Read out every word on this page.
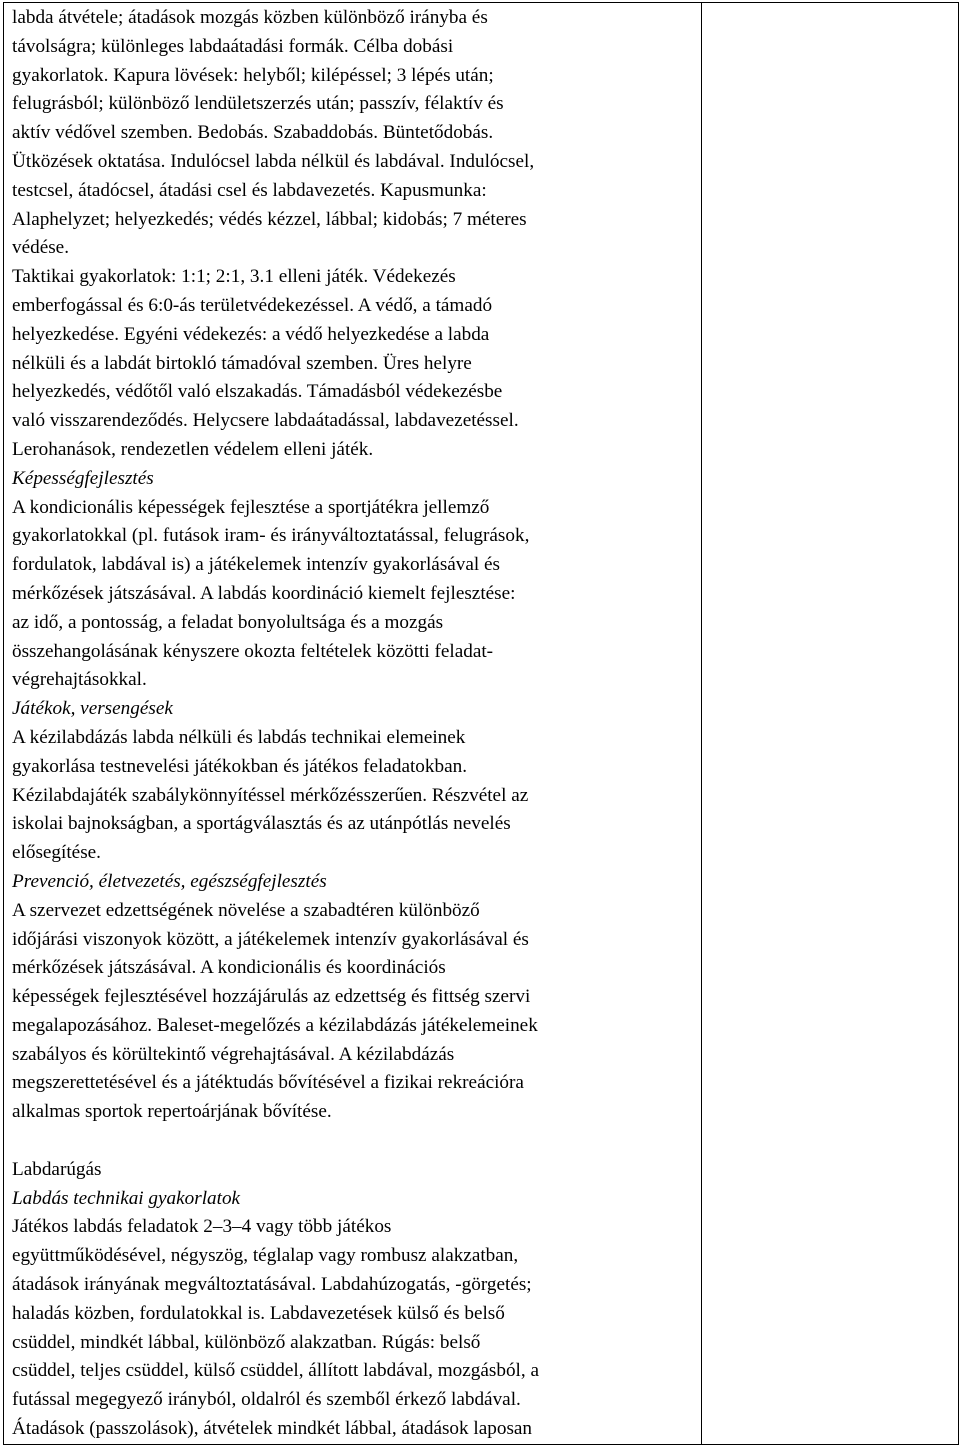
labda átvétele; átadások mozgás közben különböző irányba és
távolságra; különleges labdaátadási formák. Célba dobási
gyakorlatok. Kapura lövések: helyből; kilépéssel; 3 lépés után;
felugrásból; különböző lendületszerzés után; passzív, félaktív és
aktív védővel szemben. Bedobás. Szabaddobás. Büntetődobás.
Ütközések oktatása. Indulócsel labda nélkül és labdával. Indulócsel,
testcsel, átadócsel, átadási csel és labdavezetés. Kapusmunka:
Alaphelyzet; helyezkedés; védés kézzel, lábbal; kidobás; 7 méteres
védése.
Taktikai gyakorlatok: 1:1; 2:1, 3.1 elleni játék. Védekezés
emberfogással és 6:0-ás területvédekezéssel. A védő, a támadó
helyezkedése. Egyéni védekezés: a védő helyezkedése a labda
nélküli és a labdát birtokló támadóval szemben. Üres helyre
helyezkedés, védőtől való elszakadás. Támadásból védekezésbe
való visszarendeződés. Helycsere labdaátadással, labdavezetéssel.
Lerohanások, rendezetlen védelem elleni játék.
Képességfejlesztés
A kondicionális képességek fejlesztése a sportjátékra jellemző
gyakorlatokkal (pl. futások iram- és irányváltoztatással, felugrások,
fordulatok, labdával is) a játékelemek intenzív gyakorlásával és
mérkőzések játszásával. A labdás koordináció kiemelt fejlesztése:
az idő, a pontosság, a feladat bonyolultsága és a mozgás
összehangolásának kényszere okozta feltételek közötti feladat-
végrehajtásokkal.
Játékok, versengések
A kézilabdázás labda nélküli és labdás technikai elemeinek
gyakorlása testnevelési játékokban és játékos feladatokban.
Kézilabdajáték szabálykönnyítéssel mérkőzésszerűen. Részvétel az
iskolai bajnokságban, a sportágválasztás és az utánpótlás nevelés
elősegítése.
Prevenció, életvezetés, egészségfejlesztés
A szervezet edzettségének növelése a szabadtéren különböző
időjárási viszonyok között, a játékelemek intenzív gyakorlásával és
mérkőzések játszásával. A kondicionális és koordinációs
képességek fejlesztésével hozzájárulás az edzettség és fittség szervi
megalapozásához. Baleset-megelőzés a kézilabdázás játékelemeinek
szabályos és körültekintő végrehajtásával. A kézilabdázás
megszerettetésével és a játéktudás bővítésével a fizikai rekreációra
alkalmas sportok repertoárjának bővítése.
Labdarúgás
Labdás technikai gyakorlatok
Játékos labdás feladatok 2‒3‒4 vagy több játékos
együttműködésével, négyszög, téglalap vagy rombusz alakzatban,
átadások irányának megváltoztatásával. Labdahúzogatás, -görgetés;
haladás közben, fordulatokkal is. Labdavezetések külső és belső
csüddel, mindkét lábbal, különböző alakzatban. Rúgás: belső
csüddel, teljes csüddel, külső csüddel, állított labdával, mozgásból, a
futással megegyező irányból, oldalról és szemből érkező labdával.
Átadások (passzolások), átvételek mindkét lábbal, átadások laposan
